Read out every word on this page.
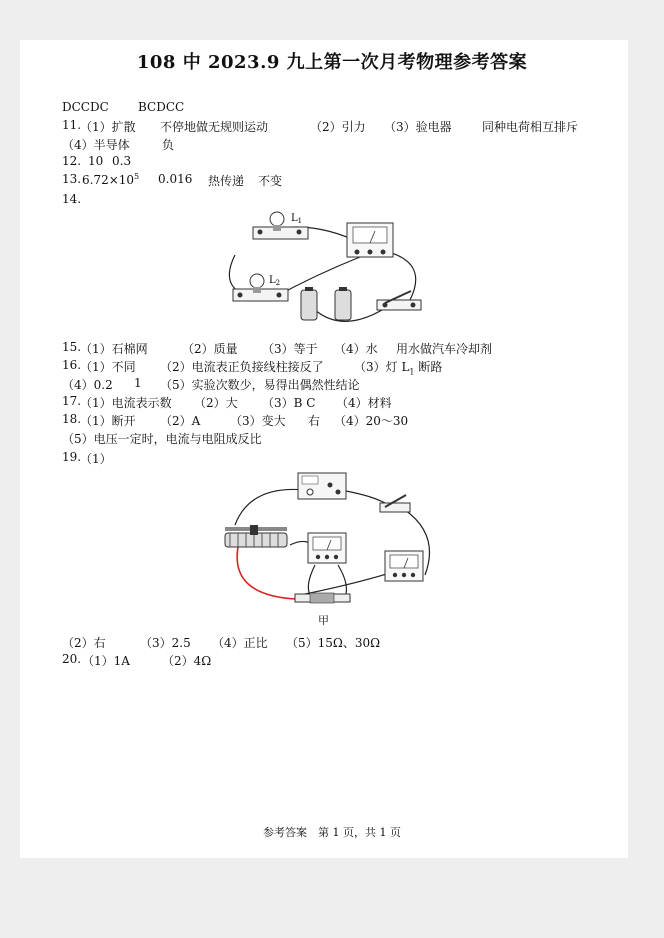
108 中 2023.9 九上第一次月考物理参考答案
DCCDC BCDCC
11.
（1）扩散 不停地做无规则运动	（2）引力 （3）验电器	同种电荷相互排斥
（4）半导体	负
12. 10 0.3
13. $6.72\times 10^5$ 0.016 热传递 不变
14.
$L_1$
$L_2$
15.
（1）石棉网	（2）质量 （3）等于 （4）水 用水做汽车冷却剂
16.
（1）不同 （2）电流表正负接线柱接反了	（3）灯 $L_1$ 断路
（4）0.2 1 （5）实验次数少，易得出偶然性结论
17.
（1）电流表示数 （2）大 （3）B C （4）材料
18.
（1）断开 （2）A （3）变大 右 （4）20～30
（5）电压一定时，电流与电阻成反比
19.
（1）
甲
（2）右	（3）2.5 （4）正比 （5）15Ω、30Ω
20. （1）1A	（2）4Ω
参考答案　第 1 页，共 1 页
